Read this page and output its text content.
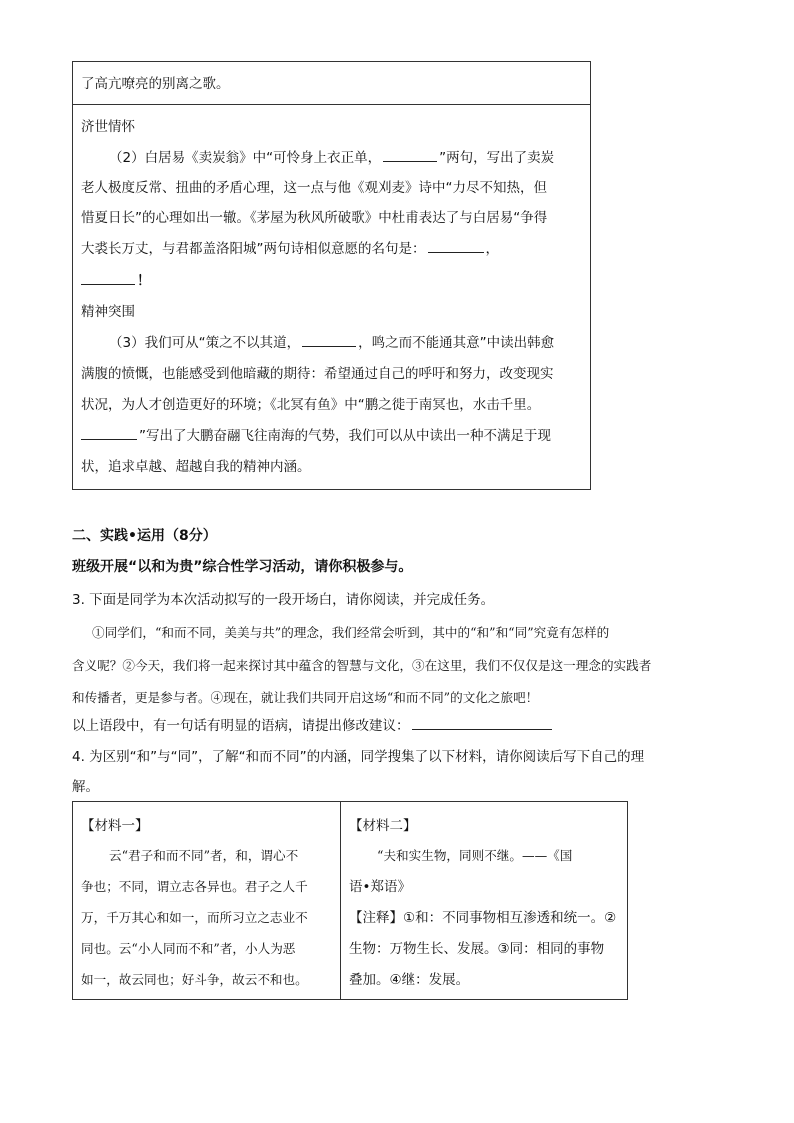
了高亢嘹亮的别离之歌。
济世情怀
（2）白居易《卖炭翁》中“可怜身上衣正单，	”两句，写出了卖炭
老人极度反常、扭曲的矛盾心理，这一点与他《观刈麦》诗中“力尽不知热，但
惜夏日长”的心理如出一辙。《茅屋为秋风所破歌》中杜甫表达了与白居易“争得
大裘长万丈，与君都盖洛阳城”两句诗相似意愿的名句是：	，
！
精神突围
（3）我们可从“策之不以其道，	，鸣之而不能通其意”中读出韩愈
满腹的愤慨，也能感受到他暗藏的期待：希望通过自己的呼吁和努力，改变现实
状况，为人才创造更好的环境；《北冥有鱼》中“鹏之徙于南冥也，水击千里。
”写出了大鹏奋翮飞往南海的气势，我们可以从中读出一种不满足于现
状，追求卓越、超越自我的精神内涵。
二、实践•运用（8分）
班级开展“以和为贵”综合性学习活动，请你积极参与。
3. 下面是同学为本次活动拟写的一段开场白，请你阅读，并完成任务。
①同学们，“和而不同，美美与共”的理念，我们经常会听到，其中的“和”和“同”究竟有怎样的
含义呢？②今天，我们将一起来探讨其中蕴含的智慧与文化，③在这里，我们不仅仅是这一理念的实践者
和传播者，更是参与者。④现在，就让我们共同开启这场“和而不同”的文化之旅吧！
以上语段中，有一句话有明显的语病，请提出修改建议：
4. 为区别“和”与“同”，了解“和而不同”的内涵，同学搜集了以下材料，请你阅读后写下自己的理
解。
【材料一】
云“君子和而不同”者，和，谓心不
争也；不同，谓立志各异也。君子之人千
万，千万其心和如一，而所习立之志业不
同也。云“小人同而不和”者，小人为恶
如一，故云同也；好斗争，故云不和也。
【材料二】
“夫和实生物，同则不继。——《国
语•郑语》
【注释】①和：不同事物相互渗透和统一。②
生物：万物生长、发展。③同：相同的事物
叠加。④继：发展。
